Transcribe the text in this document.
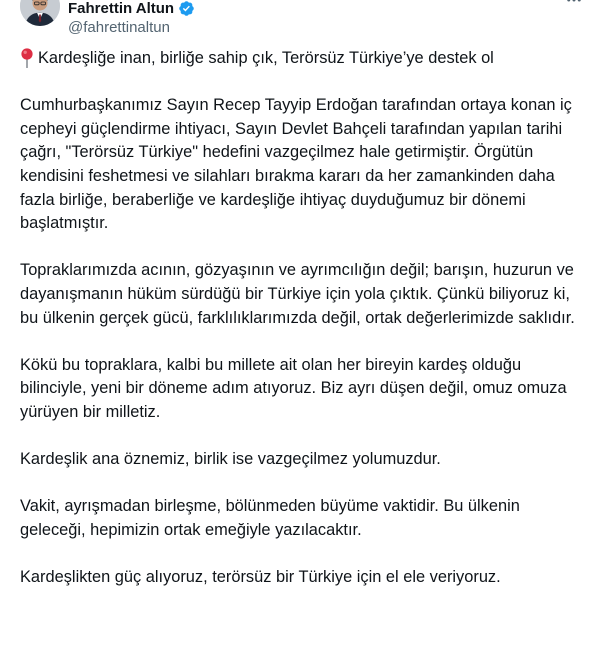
Fahrettin Altun
@fahrettinaltun

Kardeşliğe inan, birliğe sahip çık, Terörsüz Türkiye’ye destek ol

Cumhurbaşkanımız Sayın Recep Tayyip Erdoğan tarafından ortaya konan iç cepheyi güçlendirme ihtiyacı, Sayın Devlet Bahçeli tarafından yapılan tarihi çağrı, "Terörsüz Türkiye" hedefini vazgeçilmez hale getirmiştir. Örgütün kendisini feshetmesi ve silahları bırakma kararı da her zamankinden daha fazla birliğe, beraberliğe ve kardeşliğe ihtiyaç duyduğumuz bir dönemi başlatmıştır.

Topraklarımızda acının, gözyaşının ve ayrımcılığın değil; barışın, huzurun ve dayanışmanın hüküm sürdüğü bir Türkiye için yola çıktık. Çünkü biliyoruz ki, bu ülkenin gerçek gücü, farklılıklarımızda değil, ortak değerlerimizde saklıdır.

Kökü bu topraklara, kalbi bu millete ait olan her bireyin kardeş olduğu bilinciyle, yeni bir döneme adım atıyoruz. Biz ayrı düşen değil, omuz omuza yürüyen bir milletiz.

Kardeşlik ana öznemiz, birlik ise vazgeçilmez yolumuzdur.

Vakit, ayrışmadan birleşme, bölünmeden büyüme vaktidir. Bu ülkenin geleceği, hepimizin ortak emeğiyle yazılacaktır.

Kardeşlikten güç alıyoruz, terörsüz bir Türkiye için el ele veriyoruz.
